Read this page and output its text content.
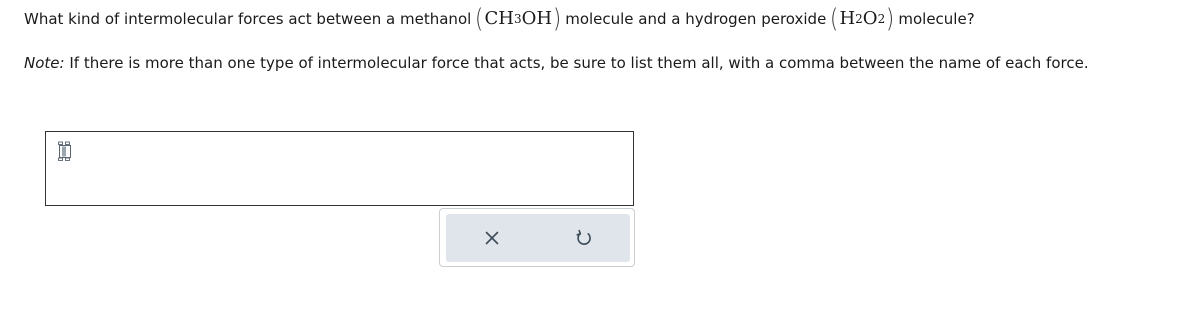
What kind of intermolecular forces act between a methanol ( CH 3 OH ) molecule and a hydrogen peroxide ( H 2 O 2 ) molecule?
Note: If there is more than one type of intermolecular force that acts, be sure to list them all, with a comma between the name of each force.
